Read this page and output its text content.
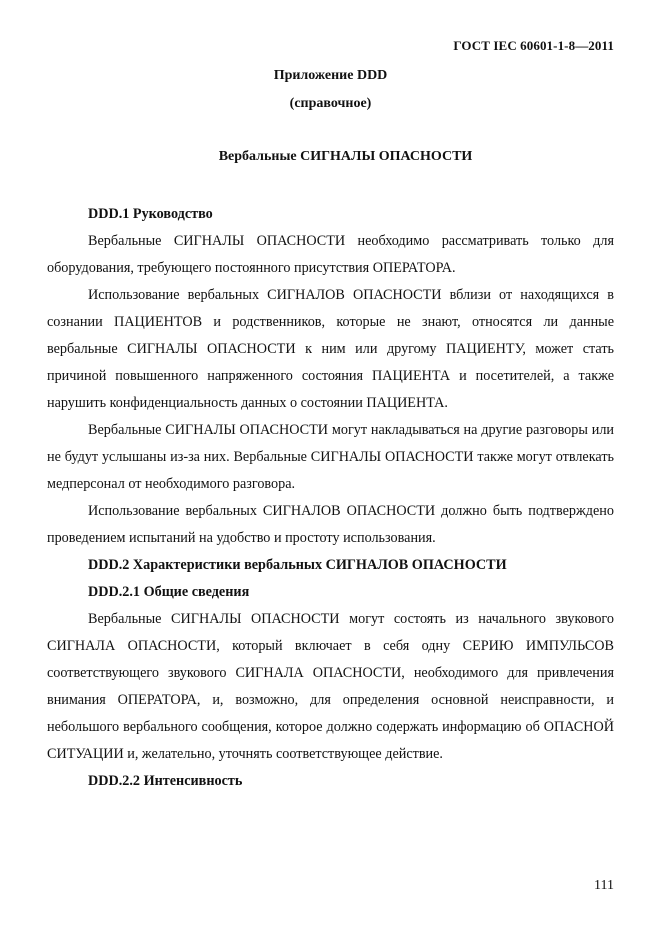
ГОСТ IEC 60601-1-8—2011
Приложение DDD
(справочное)
Вербальные СИГНАЛЫ ОПАСНОСТИ

DDD.1 Руководство

Вербальные СИГНАЛЫ ОПАСНОСТИ необходимо рассматривать только для оборудования, требующего постоянного присутствия ОПЕРАТОРА.

Использование вербальных СИГНАЛОВ ОПАСНОСТИ вблизи от находящихся в сознании ПАЦИЕНТОВ и родственников, которые не знают, относятся ли данные вербальные СИГНАЛЫ ОПАСНОСТИ к ним или другому ПАЦИЕНТУ, может стать причиной повышенного напряженного состояния ПАЦИЕНТА и посетителей, а также нарушить конфиденциальность данных о состоянии ПАЦИЕНТА.

Вербальные СИГНАЛЫ ОПАСНОСТИ могут накладываться на другие разговоры или не будут услышаны из-за них. Вербальные СИГНАЛЫ ОПАСНОСТИ также могут отвлекать медперсонал от необходимого разговора.

Использование вербальных СИГНАЛОВ ОПАСНОСТИ должно быть подтверждено проведением испытаний на удобство и простоту использования.

DDD.2 Характеристики вербальных СИГНАЛОВ ОПАСНОСТИ

DDD.2.1 Общие сведения

Вербальные СИГНАЛЫ ОПАСНОСТИ могут состоять из начального звукового СИГНАЛА ОПАСНОСТИ, который включает в себя одну СЕРИЮ ИМПУЛЬСОВ соответствующего звукового СИГНАЛА ОПАСНОСТИ, необходимого для привлечения внимания ОПЕРАТОРА, и, возможно, для определения основной неисправности, и небольшого вербального сообщения, которое должно содержать информацию об ОПАСНОЙ СИТУАЦИИ и, желательно, уточнять соответствующее действие.

DDD.2.2 Интенсивность

111
